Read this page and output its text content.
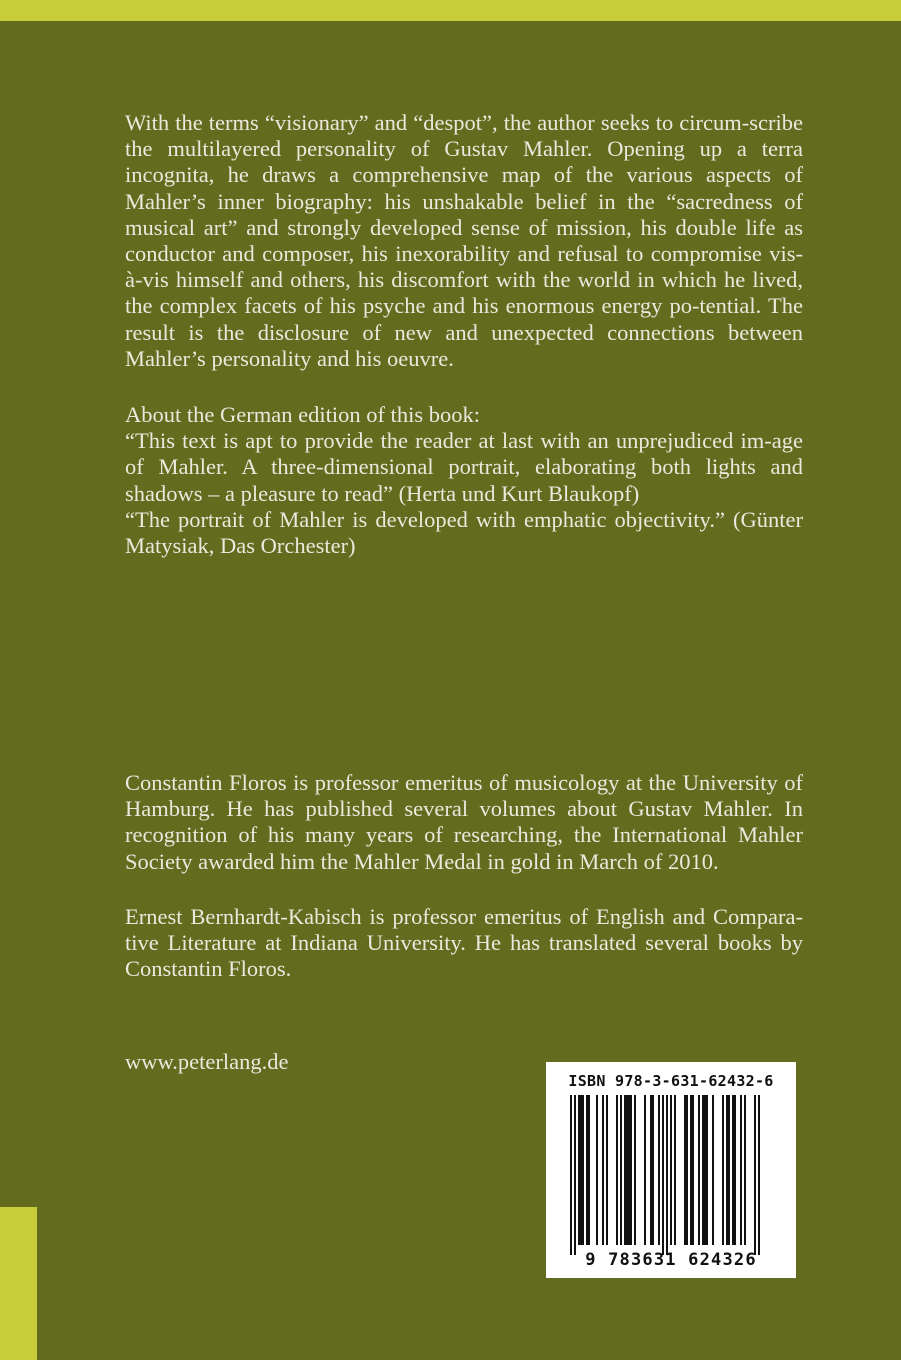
With the terms “visionary” and “despot”, the author seeks to circum-scribe the multilayered personality of Gustav Mahler. Opening up a terra incognita, he draws a comprehensive map of the various aspects of Mahler’s inner biography: his unshakable belief in the “sacredness of musical art” and strongly developed sense of mission, his double life as conductor and composer, his inexorability and refusal to compromise vis-à-vis himself and others, his discomfort with the world in which he lived, the complex facets of his psyche and his enormous energy po-tential. The result is the disclosure of new and unexpected connections between Mahler’s personality and his oeuvre.

About the German edition of this book:

“This text is apt to provide the reader at last with an unprejudiced im-age of Mahler. A three-dimensional portrait, elaborating both lights and shadows – a pleasure to read” (Herta und Kurt Blaukopf)

“The portrait of Mahler is developed with emphatic objectivity.” (Günter Matysiak, Das Orchester)

Constantin Floros is professor emeritus of musicology at the University of Hamburg. He has published several volumes about Gustav Mahler. In recognition of his many years of researching, the International Mahler Society awarded him the Mahler Medal in gold in March of 2010.

Ernest Bernhardt-Kabisch is professor emeritus of English and Compara-tive Literature at Indiana University. He has translated several books by Constantin Floros.

www.peterlang.de

ISBN 978-3-631-62432-6
9 783631 624326
